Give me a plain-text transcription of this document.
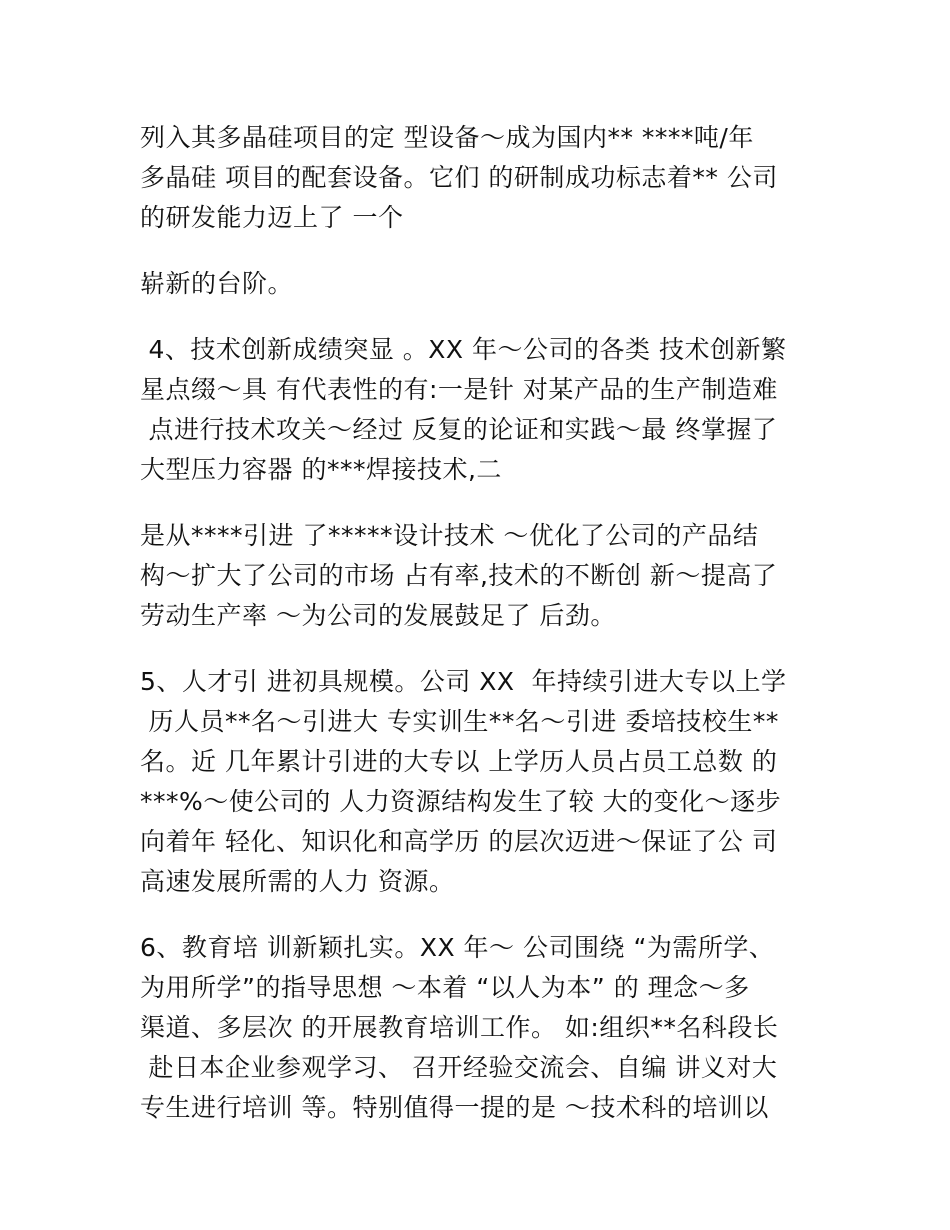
列入其多晶硅项目的定 型设备～成为国内** ****吨/年
多晶硅 项目的配套设备。它们 的研制成功标志着** 公司
的研发能力迈上了 一个
崭新的台阶。
4、技术创新成绩突显 。XX 年～公司的各类 技术创新繁
星点缀～具 有代表性的有:一是针 对某产品的生产制造难
点进行技术攻关～经过 反复的论证和实践～最 终掌握了
大型压力容器 的***焊接技术,二
是从****引进 了*****设计技术 ～优化了公司的产品结
构～扩大了公司的市场 占有率,技术的不断创 新～提高了
劳动生产率 ～为公司的发展鼓足了 后劲。
5、人才引 进初具规模。公司 XX  年持续引进大专以上学
历人员**名～引进大 专实训生**名～引进 委培技校生**
名。近 几年累计引进的大专以 上学历人员占员工总数 的
***%～使公司的 人力资源结构发生了较 大的变化～逐步
向着年 轻化、知识化和高学历 的层次迈进～保证了公 司
高速发展所需的人力 资源。
6、教育培 训新颖扎实。XX 年～ 公司围绕 “为需所学、
为用所学”的指导思想 ～本着 “以人为本” 的 理念～多
渠道、多层次 的开展教育培训工作。 如:组织**名科段长
赴日本企业参观学习、 召开经验交流会、自编 讲义对大
专生进行培训 等。特别值得一提的是 ～技术科的培训以
